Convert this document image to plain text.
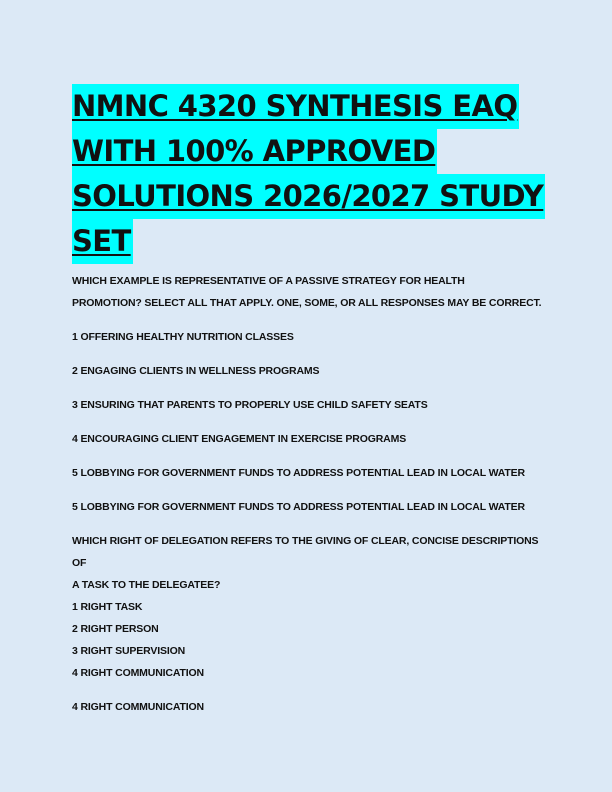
NMNC 4320 SYNTHESIS EAQ
WITH 100% APPROVED
SOLUTIONS 2026/2027 STUDY
SET

WHICH EXAMPLE IS REPRESENTATIVE OF A PASSIVE STRATEGY FOR HEALTH

PROMOTION? SELECT ALL THAT APPLY. ONE, SOME, OR ALL RESPONSES MAY BE CORRECT.

1 OFFERING HEALTHY NUTRITION CLASSES

2 ENGAGING CLIENTS IN WELLNESS PROGRAMS

3 ENSURING THAT PARENTS TO PROPERLY USE CHILD SAFETY SEATS

4 ENCOURAGING CLIENT ENGAGEMENT IN EXERCISE PROGRAMS

5 LOBBYING FOR GOVERNMENT FUNDS TO ADDRESS POTENTIAL LEAD IN LOCAL WATER

5 LOBBYING FOR GOVERNMENT FUNDS TO ADDRESS POTENTIAL LEAD IN LOCAL WATER

WHICH RIGHT OF DELEGATION REFERS TO THE GIVING OF CLEAR, CONCISE DESCRIPTIONS OF

A TASK TO THE DELEGATEE?

1 RIGHT TASK

2 RIGHT PERSON

3 RIGHT SUPERVISION

4 RIGHT COMMUNICATION

4 RIGHT COMMUNICATION
